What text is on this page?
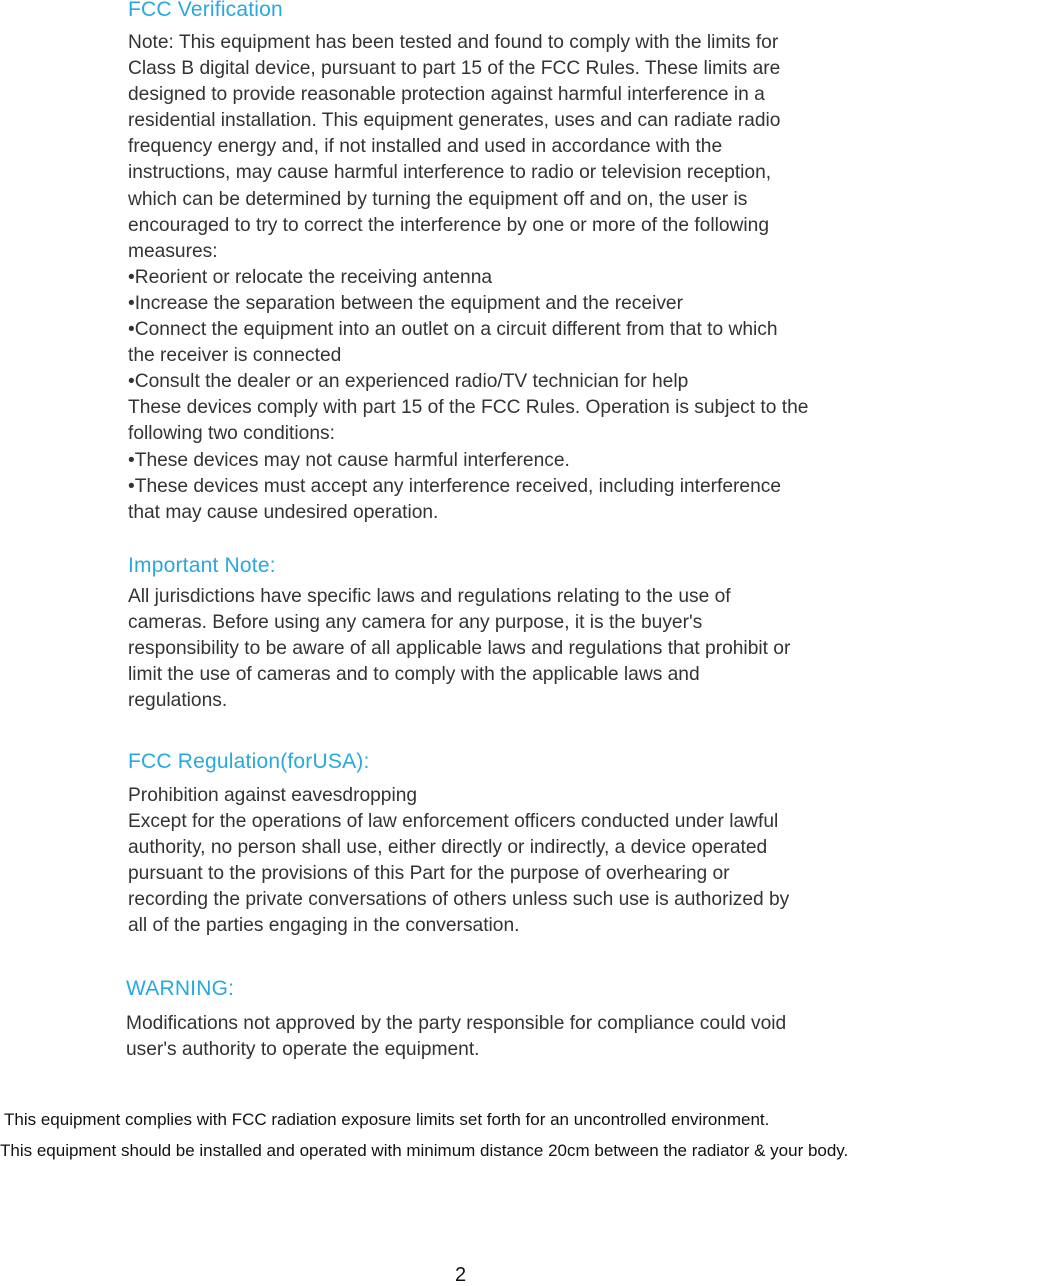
FCC Verification
Note: This equipment has been tested and found to comply with the limits for
Class B digital device, pursuant to part 15 of the FCC Rules. These limits are
designed to provide reasonable protection against harmful interference in a
residential installation. This equipment generates, uses and can radiate radio
frequency energy and, if not installed and used in accordance with the
instructions, may cause harmful interference to radio or television reception,
which can be determined by turning the equipment off and on, the user is
encouraged to try to correct the interference by one or more of the following
measures:
•Reorient or relocate the receiving antenna
•Increase the separation between the equipment and the receiver
•Connect the equipment into an outlet on a circuit different from that to which
the receiver is connected
•Consult the dealer or an experienced radio/TV technician for help
These devices comply with part 15 of the FCC Rules. Operation is subject to the
following two conditions:
•These devices may not cause harmful interference.
•These devices must accept any interference received, including interference
that may cause undesired operation.
Important Note:
All jurisdictions have specific laws and regulations relating to the use of
cameras. Before using any camera for any purpose, it is the buyer's
responsibility to be aware of all applicable laws and regulations that prohibit or
limit the use of cameras and to comply with the applicable laws and
regulations.
FCC Regulation(forUSA):
Prohibition against eavesdropping
Except for the operations of law enforcement officers conducted under lawful
authority, no person shall use, either directly or indirectly, a device operated
pursuant to the provisions of this Part for the purpose of overhearing or
recording the private conversations of others unless such use is authorized by
all of the parties engaging in the conversation.
WARNING:
Modifications not approved by the party responsible for compliance could void
user's authority to operate the equipment.
This equipment complies with FCC radiation exposure limits set forth for an uncontrolled environment.
This equipment should be installed and operated with minimum distance 20cm between the radiator & your body.
2
